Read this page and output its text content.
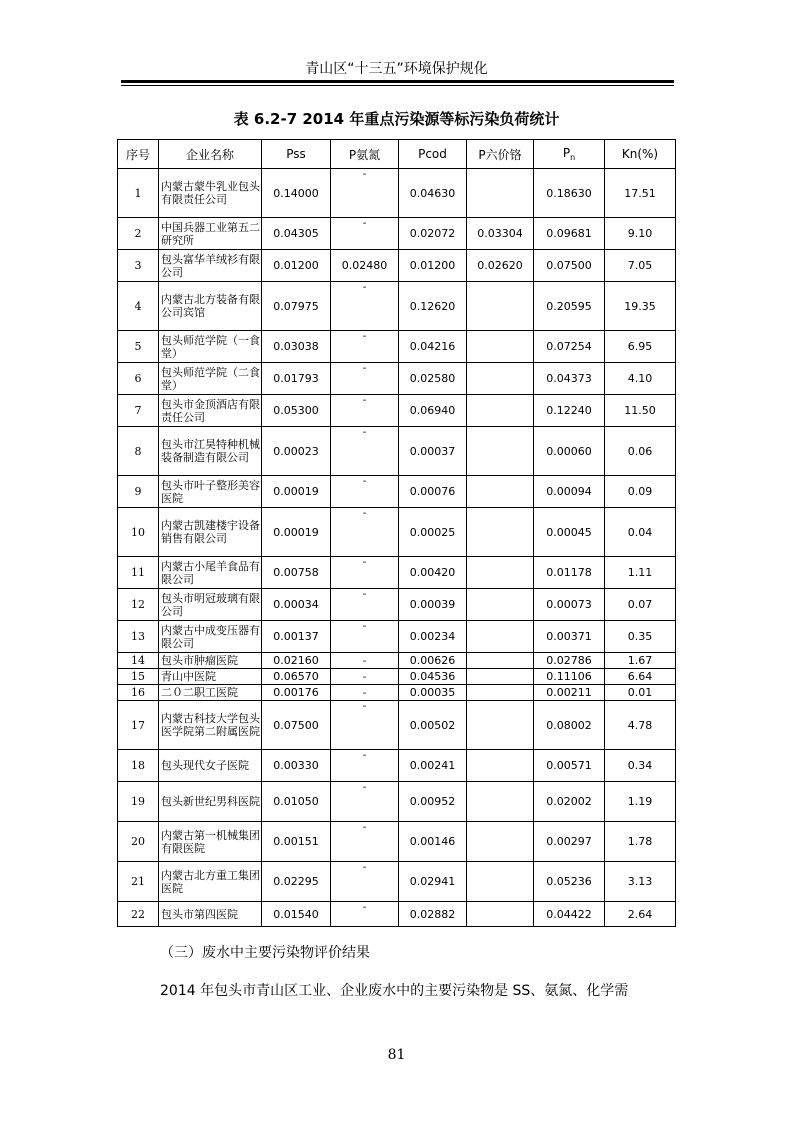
青山区“十三五”环境保护规化
表 6.2-7 2014 年重点污染源等标污染负荷统计
序号	企业名称	Pss	P氨氮	Pcod	P六价铬	$P_n$	Kn(%)
1	内蒙古蒙牛乳业包头有限责任公司	0.14000	-	0.04630		0.18630	17.51
2	中国兵器工业第五二研究所	0.04305	-	0.02072	0.03304	0.09681	9.10
3	包头富华羊绒衫有限公司	0.01200	0.02480	0.01200	0.02620	0.07500	7.05
4	内蒙古北方装备有限公司宾馆	0.07975	-	0.12620		0.20595	19.35
5	包头师范学院（一食堂）	0.03038	-	0.04216		0.07254	6.95
6	包头师范学院（二食堂）	0.01793	-	0.02580		0.04373	4.10
7	包头市金顶酒店有限责任公司	0.05300	-	0.06940		0.12240	11.50
8	包头市江昊特种机械装备制造有限公司	0.00023	-	0.00037		0.00060	0.06
9	包头市叶子整形美容医院	0.00019	-	0.00076		0.00094	0.09
10	内蒙古凯建楼宇设备销售有限公司	0.00019	-	0.00025		0.00045	0.04
11	内蒙古小尾羊食品有限公司	0.00758	-	0.00420		0.01178	1.11
12	包头市明冠玻璃有限公司	0.00034	-	0.00039		0.00073	0.07
13	内蒙古中成变压器有限公司	0.00137	-	0.00234		0.00371	0.35
14	包头市肿瘤医院	0.02160	-	0.00626		0.02786	1.67
15	青山中医院	0.06570	-	0.04536		0.11106	6.64
16	二０二职工医院	0.00176	-	0.00035		0.00211	0.01
17	内蒙古科技大学包头医学院第二附属医院	0.07500	-	0.00502		0.08002	4.78
18	包头现代女子医院	0.00330	-	0.00241		0.00571	0.34
19	包头新世纪男科医院	0.01050	-	0.00952		0.02002	1.19
20	内蒙古第一机械集团有限医院	0.00151	-	0.00146		0.00297	1.78
21	内蒙古北方重工集团医院	0.02295	-	0.02941		0.05236	3.13
22	包头市第四医院	0.01540	-	0.02882		0.04422	2.64
（三）废水中主要污染物评价结果
2014 年包头市青山区工业、企业废水中的主要污染物是 SS、氨氮、化学需
81
